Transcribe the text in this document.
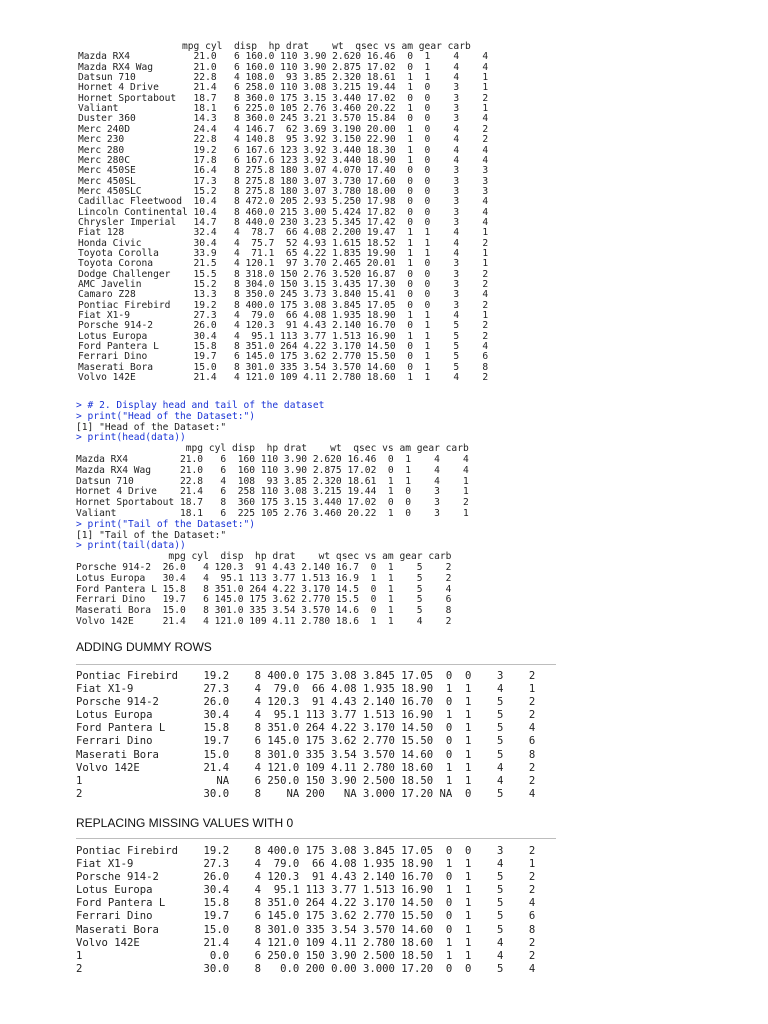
mpg cyl  disp  hp drat    wt  qsec vs am gear carb
Mazda RX4           21.0   6 160.0 110 3.90 2.620 16.46  0  1    4    4
Mazda RX4 Wag       21.0   6 160.0 110 3.90 2.875 17.02  0  1    4    4
Datsun 710          22.8   4 108.0  93 3.85 2.320 18.61  1  1    4    1
Hornet 4 Drive      21.4   6 258.0 110 3.08 3.215 19.44  1  0    3    1
Hornet Sportabout   18.7   8 360.0 175 3.15 3.440 17.02  0  0    3    2
Valiant             18.1   6 225.0 105 2.76 3.460 20.22  1  0    3    1
Duster 360          14.3   8 360.0 245 3.21 3.570 15.84  0  0    3    4
Merc 240D           24.4   4 146.7  62 3.69 3.190 20.00  1  0    4    2
Merc 230            22.8   4 140.8  95 3.92 3.150 22.90  1  0    4    2
Merc 280            19.2   6 167.6 123 3.92 3.440 18.30  1  0    4    4
Merc 280C           17.8   6 167.6 123 3.92 3.440 18.90  1  0    4    4
Merc 450SE          16.4   8 275.8 180 3.07 4.070 17.40  0  0    3    3
Merc 450SL          17.3   8 275.8 180 3.07 3.730 17.60  0  0    3    3
Merc 450SLC         15.2   8 275.8 180 3.07 3.780 18.00  0  0    3    3
Cadillac Fleetwood  10.4   8 472.0 205 2.93 5.250 17.98  0  0    3    4
Lincoln Continental 10.4   8 460.0 215 3.00 5.424 17.82  0  0    3    4
Chrysler Imperial   14.7   8 440.0 230 3.23 5.345 17.42  0  0    3    4
Fiat 128            32.4   4  78.7  66 4.08 2.200 19.47  1  1    4    1
Honda Civic         30.4   4  75.7  52 4.93 1.615 18.52  1  1    4    2
Toyota Corolla      33.9   4  71.1  65 4.22 1.835 19.90  1  1    4    1
Toyota Corona       21.5   4 120.1  97 3.70 2.465 20.01  1  0    3    1
Dodge Challenger    15.5   8 318.0 150 2.76 3.520 16.87  0  0    3    2
AMC Javelin         15.2   8 304.0 150 3.15 3.435 17.30  0  0    3    2
Camaro Z28          13.3   8 350.0 245 3.73 3.840 15.41  0  0    3    4
Pontiac Firebird    19.2   8 400.0 175 3.08 3.845 17.05  0  0    3    2
Fiat X1-9           27.3   4  79.0  66 4.08 1.935 18.90  1  1    4    1
Porsche 914-2       26.0   4 120.3  91 4.43 2.140 16.70  0  1    5    2
Lotus Europa        30.4   4  95.1 113 3.77 1.513 16.90  1  1    5    2
Ford Pantera L      15.8   8 351.0 264 4.22 3.170 14.50  0  1    5    4
Ferrari Dino        19.7   6 145.0 175 3.62 2.770 15.50  0  1    5    6
Maserati Bora       15.0   8 301.0 335 3.54 3.570 14.60  0  1    5    8
Volvo 142E          21.4   4 121.0 109 4.11 2.780 18.60  1  1    4    2
> # 2. Display head and tail of the dataset
> print("Head of the Dataset:")
[1] "Head of the Dataset:"
> print(head(data))
mpg cyl disp  hp drat    wt  qsec vs am gear carb
Mazda RX4         21.0   6  160 110 3.90 2.620 16.46  0  1    4    4
Mazda RX4 Wag     21.0   6  160 110 3.90 2.875 17.02  0  1    4    4
Datsun 710        22.8   4  108  93 3.85 2.320 18.61  1  1    4    1
Hornet 4 Drive    21.4   6  258 110 3.08 3.215 19.44  1  0    3    1
Hornet Sportabout 18.7   8  360 175 3.15 3.440 17.02  0  0    3    2
Valiant           18.1   6  225 105 2.76 3.460 20.22  1  0    3    1
> print("Tail of the Dataset:")
[1] "Tail of the Dataset:"
> print(tail(data))
mpg cyl  disp  hp drat    wt qsec vs am gear carb
Porsche 914-2  26.0   4 120.3  91 4.43 2.140 16.7  0  1    5    2
Lotus Europa   30.4   4  95.1 113 3.77 1.513 16.9  1  1    5    2
Ford Pantera L 15.8   8 351.0 264 4.22 3.170 14.5  0  1    5    4
Ferrari Dino   19.7   6 145.0 175 3.62 2.770 15.5  0  1    5    6
Maserati Bora  15.0   8 301.0 335 3.54 3.570 14.6  0  1    5    8
Volvo 142E     21.4   4 121.0 109 4.11 2.780 18.6  1  1    4    2
ADDING DUMMY ROWS
Pontiac Firebird    19.2    8 400.0 175 3.08 3.845 17.05  0  0    3    2
Fiat X1-9           27.3    4  79.0  66 4.08 1.935 18.90  1  1    4    1
Porsche 914-2       26.0    4 120.3  91 4.43 2.140 16.70  0  1    5    2
Lotus Europa        30.4    4  95.1 113 3.77 1.513 16.90  1  1    5    2
Ford Pantera L      15.8    8 351.0 264 4.22 3.170 14.50  0  1    5    4
Ferrari Dino        19.7    6 145.0 175 3.62 2.770 15.50  0  1    5    6
Maserati Bora       15.0    8 301.0 335 3.54 3.570 14.60  0  1    5    8
Volvo 142E          21.4    4 121.0 109 4.11 2.780 18.60  1  1    4    2
1                     NA    6 250.0 150 3.90 2.500 18.50  1  1    4    2
2                   30.0    8    NA 200   NA 3.000 17.20 NA  0    5    4
REPLACING MISSING VALUES WITH 0
Pontiac Firebird    19.2    8 400.0 175 3.08 3.845 17.05  0  0    3    2
Fiat X1-9           27.3    4  79.0  66 4.08 1.935 18.90  1  1    4    1
Porsche 914-2       26.0    4 120.3  91 4.43 2.140 16.70  0  1    5    2
Lotus Europa        30.4    4  95.1 113 3.77 1.513 16.90  1  1    5    2
Ford Pantera L      15.8    8 351.0 264 4.22 3.170 14.50  0  1    5    4
Ferrari Dino        19.7    6 145.0 175 3.62 2.770 15.50  0  1    5    6
Maserati Bora       15.0    8 301.0 335 3.54 3.570 14.60  0  1    5    8
Volvo 142E          21.4    4 121.0 109 4.11 2.780 18.60  1  1    4    2
1                    0.0    6 250.0 150 3.90 2.500 18.50  1  1    4    2
2                   30.0    8   0.0 200 0.00 3.000 17.20  0  0    5    4
